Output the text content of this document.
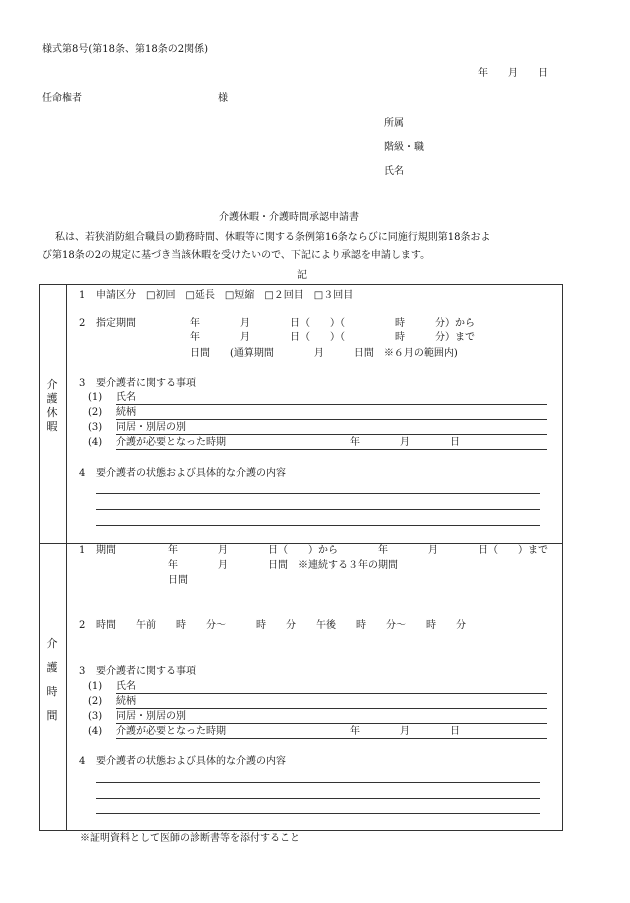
様式第8号(第18条、第18条の2関係)
年　　月　　日
任命権者	様
所属
階級・職
氏名
介護休暇・介護時間承認申請書
私は、若狭消防組合職員の勤務時間、休暇等に関する条例第16条ならびに同施行規則第18条およ
び第18条の2の規定に基づき当該休暇を受けたいので、下記により承認を申請します。
記
介
護
休
暇
1 申請区分　□初回　□延長　□短縮　□２回目　□３回目
2 指定期間	年　　　　月　　　　日（　　）（　　　　　時　　　分）から
年　　　　月　　　　日（　　）（　　　　　時　　　分）まで
日間　　(通算期間　　　　月　　　日間　※６月の範囲内)
3 要介護者に関する事項
(1) 氏名
(2) 続柄
(3) 同居・別居の別
(4) 介護が必要となった時期	年　　　　月　　　　日
4 要介護者の状態および具体的な介護の内容
介
護
時
間
1 期間	年　　　　月　　　　日（　　）から　　　　年　　　　月　　　　日（　　）まで
年　　　　月　　　　日間　※連続する３年の期間
日間
2 時間　　午前　　時　　分～　　　時　　分　　午後　　時　　分～　　時　　分
3 要介護者に関する事項
(1) 氏名
(2) 続柄
(3) 同居・別居の別
(4) 介護が必要となった時期	年　　　　月　　　　日
4 要介護者の状態および具体的な介護の内容
※証明資料として医師の診断書等を添付すること
